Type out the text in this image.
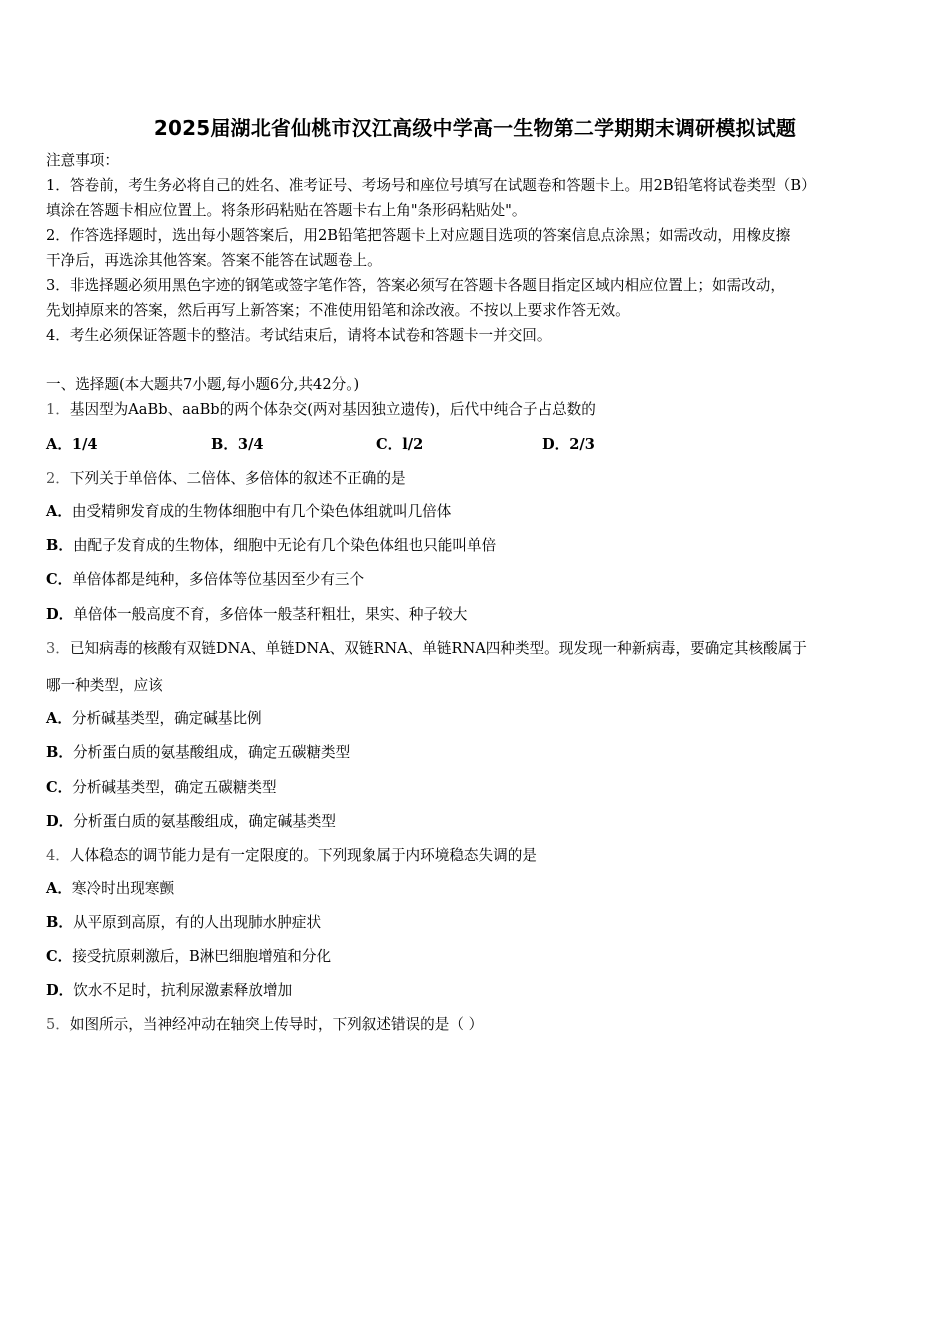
2025届湖北省仙桃市汉江高级中学高一生物第二学期期末调研模拟试题
注意事项：
1．答卷前，考生务必将自己的姓名、准考证号、考场号和座位号填写在试题卷和答题卡上。用2B铅笔将试卷类型（B）
填涂在答题卡相应位置上。将条形码粘贴在答题卡右上角"条形码粘贴处"。
2．作答选择题时，选出每小题答案后，用2B铅笔把答题卡上对应题目选项的答案信息点涂黑；如需改动，用橡皮擦
干净后，再选涂其他答案。答案不能答在试题卷上。
3．非选择题必须用黑色字迹的钢笔或签字笔作答，答案必须写在答题卡各题目指定区域内相应位置上；如需改动，
先划掉原来的答案，然后再写上新答案；不准使用铅笔和涂改液。不按以上要求作答无效。
4．考生必须保证答题卡的整洁。考试结束后，请将本试卷和答题卡一并交回。
一、选择题(本大题共7小题,每小题6分,共42分。)
1．基因型为AaBb、aaBb的两个体杂交(两对基因独立遗传)，后代中纯合子占总数的
A．1/4	B．3/4	C．l/2	D．2/3
2．下列关于单倍体、二倍体、多倍体的叙述不正确的是
A．由受精卵发育成的生物体细胞中有几个染色体组就叫几倍体
B．由配子发育成的生物体，细胞中无论有几个染色体组也只能叫单倍
C．单倍体都是纯种，多倍体等位基因至少有三个
D．单倍体一般高度不育，多倍体一般茎秆粗壮，果实、种子较大
3．已知病毒的核酸有双链DNA、单链DNA、双链RNA、单链RNA四种类型。现发现一种新病毒，要确定其核酸属于
哪一种类型，应该
A．分析碱基类型，确定碱基比例
B．分析蛋白质的氨基酸组成，确定五碳糖类型
C．分析碱基类型，确定五碳糖类型
D．分析蛋白质的氨基酸组成，确定碱基类型
4．人体稳态的调节能力是有一定限度的。下列现象属于内环境稳态失调的是
A．寒冷时出现寒颤
B．从平原到高原，有的人出现肺水肿症状
C．接受抗原刺激后，B淋巴细胞增殖和分化
D．饮水不足时，抗利尿激素释放增加
5．如图所示，当神经冲动在轴突上传导时，下列叙述错误的是（ ）
